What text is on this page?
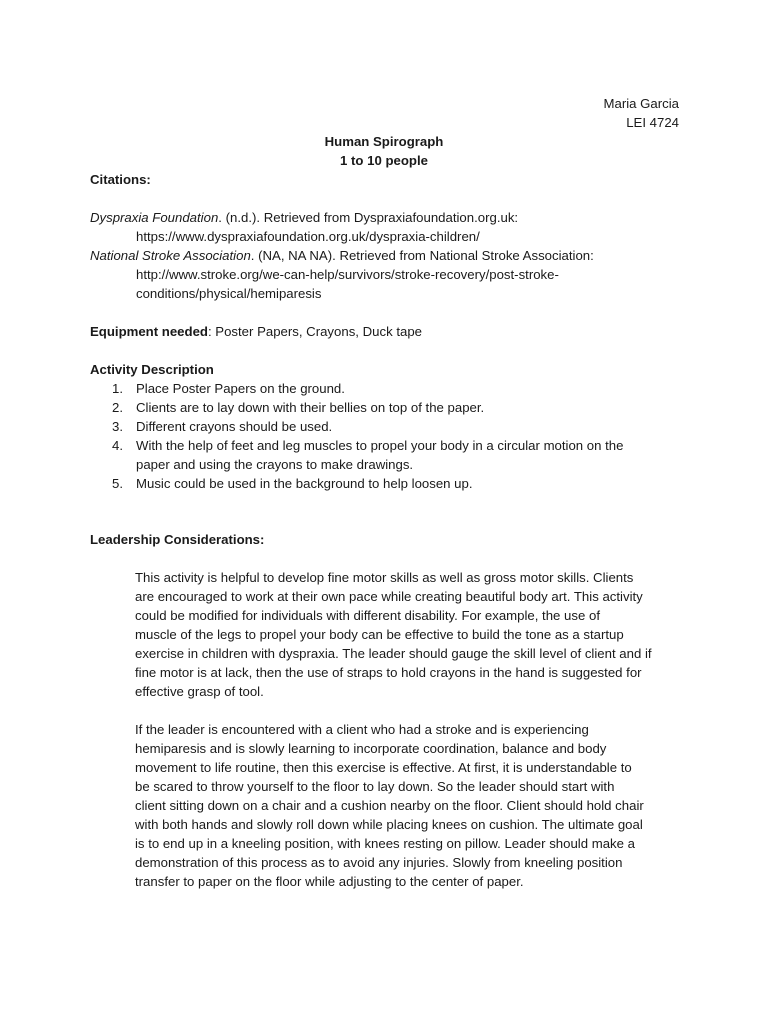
Maria Garcia
LEI 4724
Human Spirograph
1 to 10 people
Citations:
Dyspraxia Foundation. (n.d.). Retrieved from Dyspraxiafoundation.org.uk:
https://www.dyspraxiafoundation.org.uk/dyspraxia-children/
National Stroke Association. (NA, NA NA). Retrieved from National Stroke Association:
http://www.stroke.org/we-can-help/survivors/stroke-recovery/post-stroke-
conditions/physical/hemiparesis
Equipment needed: Poster Papers, Crayons, Duck tape
Activity Description
1. Place Poster Papers on the ground.
2. Clients are to lay down with their bellies on top of the paper.
3. Different crayons should be used.
4. With the help of feet and leg muscles to propel your body in a circular motion on the
paper and using the crayons to make drawings.
5. Music could be used in the background to help loosen up.
Leadership Considerations:
This activity is helpful to develop fine motor skills as well as gross motor skills. Clients
are encouraged to work at their own pace while creating beautiful body art. This activity
could be modified for individuals with different disability. For example, the use of
muscle of the legs to propel your body can be effective to build the tone as a startup
exercise in children with dyspraxia. The leader should gauge the skill level of client and if
fine motor is at lack, then the use of straps to hold crayons in the hand is suggested for
effective grasp of tool.
If the leader is encountered with a client who had a stroke and is experiencing
hemiparesis and is slowly learning to incorporate coordination, balance and body
movement to life routine, then this exercise is effective. At first, it is understandable to
be scared to throw yourself to the floor to lay down. So the leader should start with
client sitting down on a chair and a cushion nearby on the floor. Client should hold chair
with both hands and slowly roll down while placing knees on cushion. The ultimate goal
is to end up in a kneeling position, with knees resting on pillow. Leader should make a
demonstration of this process as to avoid any injuries. Slowly from kneeling position
transfer to paper on the floor while adjusting to the center of paper.
